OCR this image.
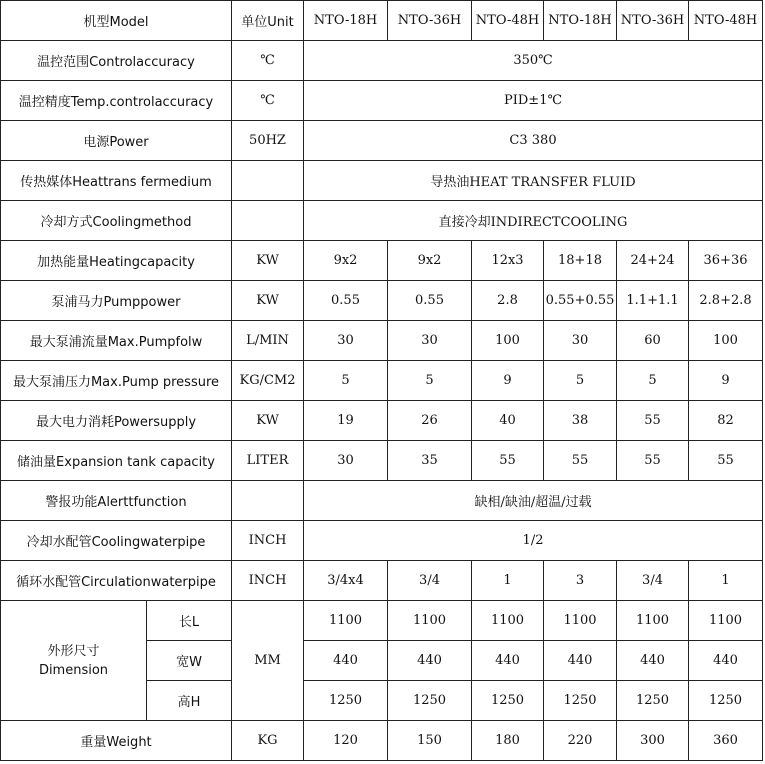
机型Model		单位Unit	NTO-18H	NTO-36H	NTO-48H	NTO-18H	NTO-36H	NTO-48H
温控范围Controlaccuracy		℃	350℃					
温控精度Temp.controlaccuracy		℃	PID±1℃					
电源Power		50HZ	C3 380					
传热媒体Heattrans fermedium			导热油HEAT TRANSFER FLUID					
冷却方式Coolingmethod			直接冷却INDIRECTCOOLING					
加热能量Heatingcapacity		KW	9x2	9x2	12x3	18+18	24+24	36+36
泵浦马力Pumppower		KW	0.55	0.55	2.8	0.55+0.55	1.1+1.1	2.8+2.8
最大泵浦流量Max.Pumpfolw		L/MIN	30	30	100	30	60	100
最大泵浦压力Max.Pump pressure		KG/CM2	5	5	9	5	5	9
最大电力消耗Powersupply		KW	19	26	40	38	55	82
储油量Expansion tank capacity		LITER	30	35	55	55	55	55
警报功能Alerttfunction			缺相/缺油/超温/过载					
冷却水配管Coolingwaterpipe		INCH	1/2					
循环水配管Circulationwaterpipe		INCH	3/4x4	3/4	1	3	3/4	1

外形尺寸
Dimension	长L	MM	1100	1100	1100	1100	1100	1100
	宽W		440	440	440	440	440	440
	高H		1250	1250	1250	1250	1250	1250
重量Weight		KG	120	150	180	220	300	360
